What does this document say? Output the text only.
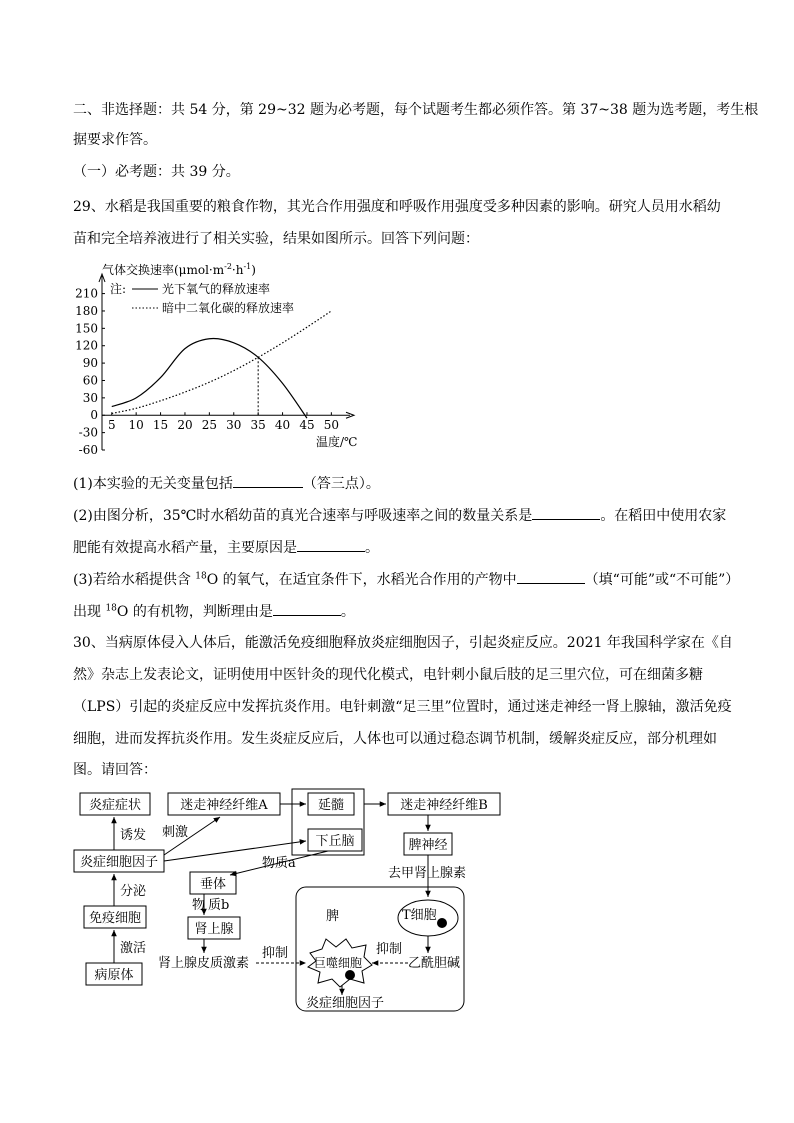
二、非选择题：共 54 分，第 29~32 题为必考题，每个试题考生都必须作答。第 37~38 题为选考题，考生根
据要求作答。
（一）必考题：共 39 分。
29、水稻是我国重要的粮食作物，其光合作用强度和呼吸作用强度受多种因素的影响。研究人员用水稻幼
苗和完全培养液进行了相关实验，结果如图所示。回答下列问题：
210
180
150
120
90
60
30
0
-30
-60
5 10 15 20 25 30 35 40 45 50
气体交换速率$(\mu mol\cdot m^{-2}\cdot h^{-1})$
注:	光下氧气的释放速率
暗中二氧化碳的释放速率
温度/℃
(1)本实验的无关变量包括	（答三点）。
(2)由图分析，35℃时水稻幼苗的真光合速率与呼吸速率之间的数量关系是	。在稻田中使用农家
肥能有效提高水稻产量，主要原因是	。
(3)若给水稻提供含 $^{18}$O 的氧气，在适宜条件下，水稻光合作用的产物中	（填“可能”或“不可能”）
出现 $^{18}$O 的有机物，判断理由是	。
30、当病原体侵入人体后，能激活免疫细胞释放炎症细胞因子，引起炎症反应。2021 年我国科学家在《自
然》杂志上发表论文，证明使用中医针灸的现代化模式，电针刺小鼠后肢的足三里穴位，可在细菌多糖
（LPS）引起的炎症反应中发挥抗炎作用。电针刺激“足三里”位置时，通过迷走神经一肾上腺轴，激活免疫
细胞，进而发挥抗炎作用。发生炎症反应后，人体也可以通过稳态调节机制，缓解炎症反应，部分机理如
图。请回答：
炎症症状
炎症细胞因子
免疫细胞
病原体
激活
分泌
诱发
迷走神经纤维A	延髓
下丘脑
迷走神经纤维B
刺激
脾神经
去甲肾上腺素
物质a
垂体
物 质b
肾上腺
肾上腺皮质激素
抑制
脾	T细胞
乙酰胆碱
抑制
巨噬细胞
炎症细胞因子
